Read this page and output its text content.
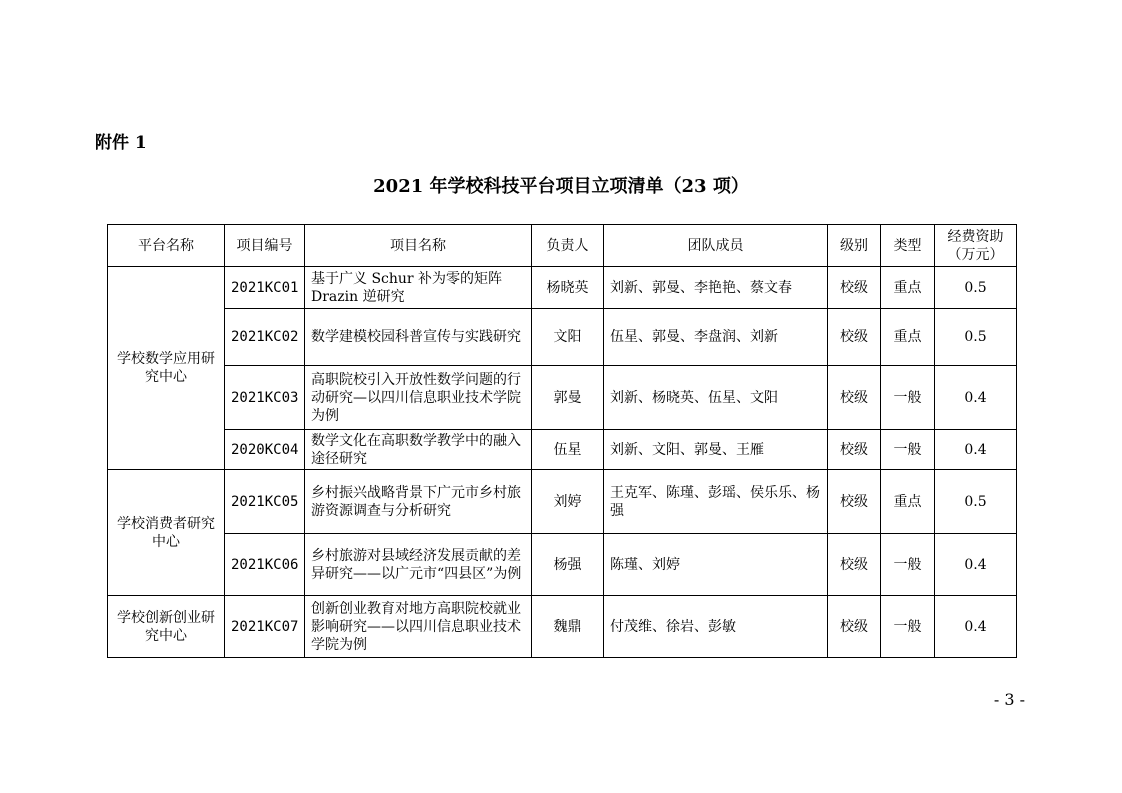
附件 1
2021 年学校科技平台项目立项清单（23 项）
平台名称	项目编号	项目名称	负责人	团队成员	级别	类型	经费资助（万元）
学校数学应用研究中心	2021KC01	基于广义 Schur 补为零的矩阵 Drazin 逆研究	杨晓英	刘新、郭曼、李艳艳、蔡文春	校级	重点	0.5
	2021KC02	数学建模校园科普宣传与实践研究	文阳	伍星、郭曼、李盘润、刘新	校级	重点	0.5
	2021KC03	高职院校引入开放性数学问题的行动研究—以四川信息职业技术学院为例	郭曼	刘新、杨晓英、伍星、文阳	校级	一般	0.4
	2020KC04	数学文化在高职数学教学中的融入途径研究	伍星	刘新、文阳、郭曼、王雁	校级	一般	0.4
学校消费者研究中心	2021KC05	乡村振兴战略背景下广元市乡村旅游资源调查与分析研究	刘婷	王克军、陈瑾、彭瑶、侯乐乐、杨强	校级	重点	0.5
	2021KC06	乡村旅游对县域经济发展贡献的差异研究——以广元市“四县区”为例	杨强	陈瑾、刘婷	校级	一般	0.4
学校创新创业研究中心	2021KC07	创新创业教育对地方高职院校就业影响研究——以四川信息职业技术学院为例	魏鼎	付茂维、徐岩、彭敏	校级	一般	0.4
- 3 -
